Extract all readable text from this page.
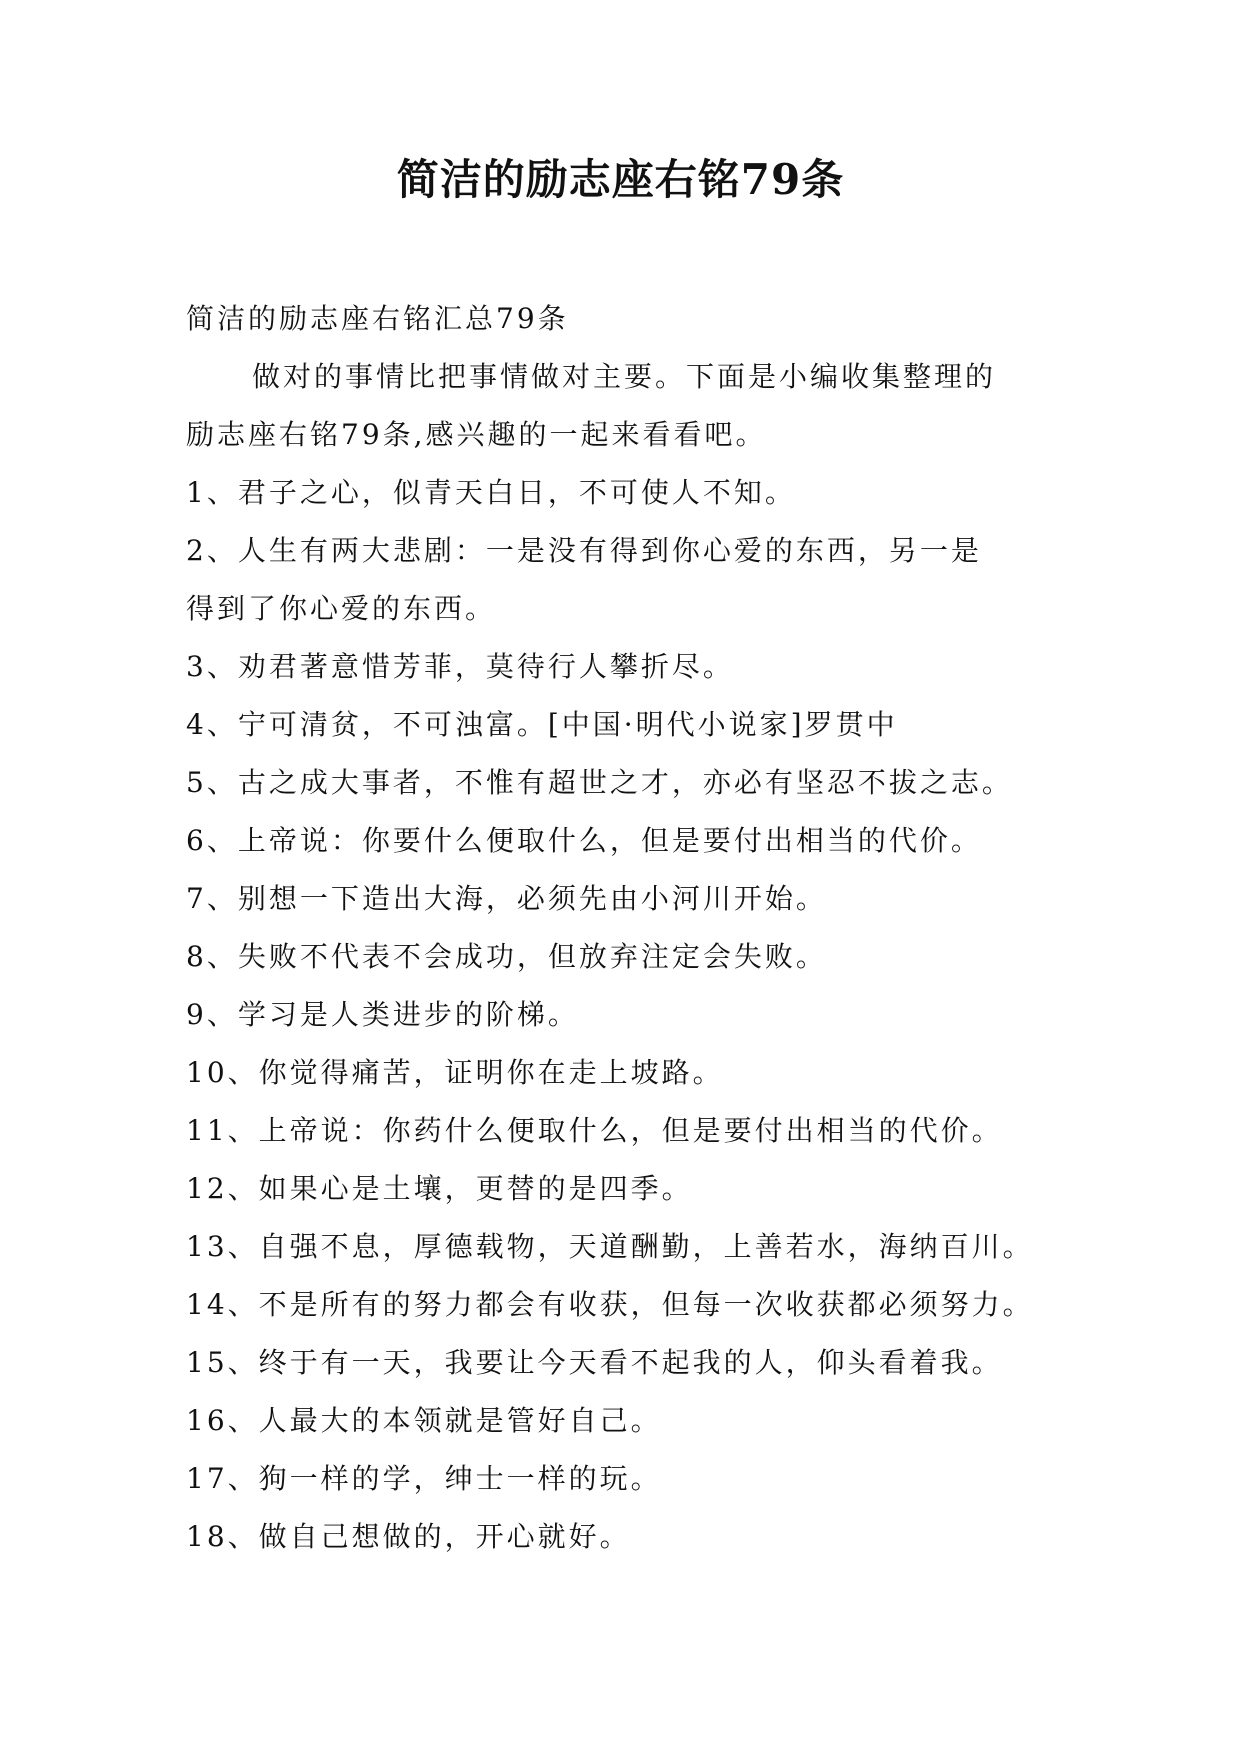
简洁的励志座右铭79条
简洁的励志座右铭汇总79条
做对的事情比把事情做对主要。下面是小编收集整理的
励志座右铭79条,感兴趣的一起来看看吧。
1、君子之心，似青天白日，不可使人不知。
2、人生有两大悲剧：一是没有得到你心爱的东西，另一是
得到了你心爱的东西。
3、劝君著意惜芳菲，莫待行人攀折尽。
4、宁可清贫，不可浊富。[中国·明代小说家]罗贯中
5、古之成大事者，不惟有超世之才，亦必有坚忍不拔之志。
6、上帝说：你要什么便取什么，但是要付出相当的代价。
7、别想一下造出大海，必须先由小河川开始。
8、失败不代表不会成功，但放弃注定会失败。
9、学习是人类进步的阶梯。
10、你觉得痛苦，证明你在走上坡路。
11、上帝说：你药什么便取什么，但是要付出相当的代价。
12、如果心是土壤，更替的是四季。
13、自强不息，厚德载物，天道酬勤，上善若水，海纳百川。
14、不是所有的努力都会有收获，但每一次收获都必须努力。
15、终于有一天，我要让今天看不起我的人，仰头看着我。
16、人最大的本领就是管好自己。
17、狗一样的学，绅士一样的玩。
18、做自己想做的，开心就好。
